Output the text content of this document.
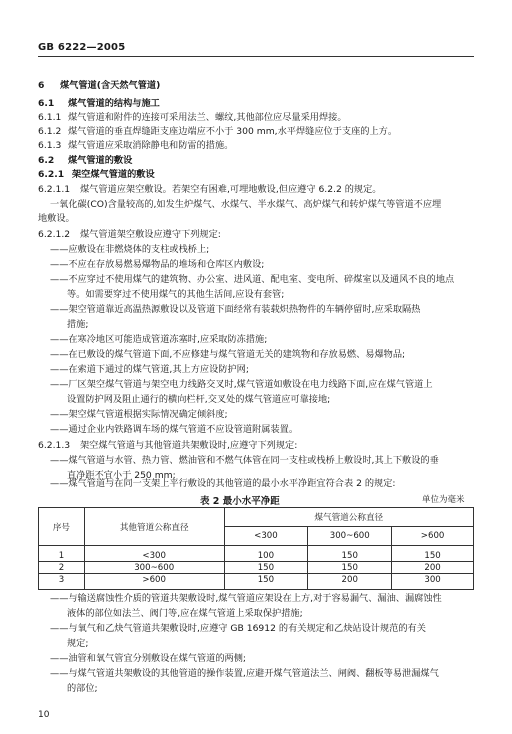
GB 6222—2005
6 煤气管道(含天然气管道)
6.1 煤气管道的结构与施工
6.1.1 煤气管道和附件的连接可采用法兰、螺纹,其他部位应尽量采用焊接。
6.1.2 煤气管道的垂直焊缝距支座边端应不小于 300 mm,水平焊缝应位于支座的上方。
6.1.3 煤气管道应采取消除静电和防雷的措施。
6.2 煤气管道的敷设
6.2.1 架空煤气管道的敷设
6.2.1.1 煤气管道应架空敷设。若架空有困难,可埋地敷设,但应遵守 6.2.2 的规定。
一氧化碳(CO)含量较高的,如发生炉煤气、水煤气、半水煤气、高炉煤气和转炉煤气等管道不应埋
地敷设。
6.2.1.2 煤气管道架空敷设应遵守下列规定:
——应敷设在非燃烧体的支柱或栈桥上;
——不应在存放易燃易爆物品的堆场和仓库区内敷设;
——不应穿过不使用煤气的建筑物、办公室、进风道、配电室、变电所、碎煤室以及通风不良的地点
等。如需要穿过不使用煤气的其他生活间,应设有套管;
——架空管道靠近高温热源敷设以及管道下面经常有装载炽热物件的车辆停留时,应采取隔热
措施;
——在寒冷地区可能造成管道冻塞时,应采取防冻措施;
——在已敷设的煤气管道下面,不应修建与煤气管道无关的建筑物和存放易燃、易爆物品;
——在索道下通过的煤气管道,其上方应设防护网;
——厂区架空煤气管道与架空电力线路交叉时,煤气管道如敷设在电力线路下面,应在煤气管道上
设置防护网及阻止通行的横向栏杆,交叉处的煤气管道应可靠接地;
——架空煤气管道根据实际情况确定倾斜度;
——通过企业内铁路调车场的煤气管道不应设管道附属装置。
6.2.1.3 架空煤气管道与其他管道共架敷设时,应遵守下列规定:
——煤气管道与水管、热力管、燃油管和不燃气体管在同一支柱或栈桥上敷设时,其上下敷设的垂
直净距不宜小于 250 mm;
——煤气管道与在同一支架上平行敷设的其他管道的最小水平净距宜符合表 2 的规定:
表 2 最小水平净距	单位为毫米
序号	其他管道公称直径	煤气管道公称直径		
		<300	300~600	>600
1	<300	100	150	150
2	300~600	150	150	200
3	>600	150	200	300
——与输送腐蚀性介质的管道共架敷设时,煤气管道应架设在上方,对于容易漏气、漏油、漏腐蚀性
液体的部位如法兰、阀门等,应在煤气管道上采取保护措施;
——与氧气和乙炔气管道共架敷设时,应遵守 GB 16912 的有关规定和乙炔站设计规范的有关
规定;
——油管和氧气管宜分别敷设在煤气管道的两侧;
——与煤气管道共架敷设的其他管道的操作装置,应避开煤气管道法兰、闸阀、翻板等易泄漏煤气
的部位;
10
